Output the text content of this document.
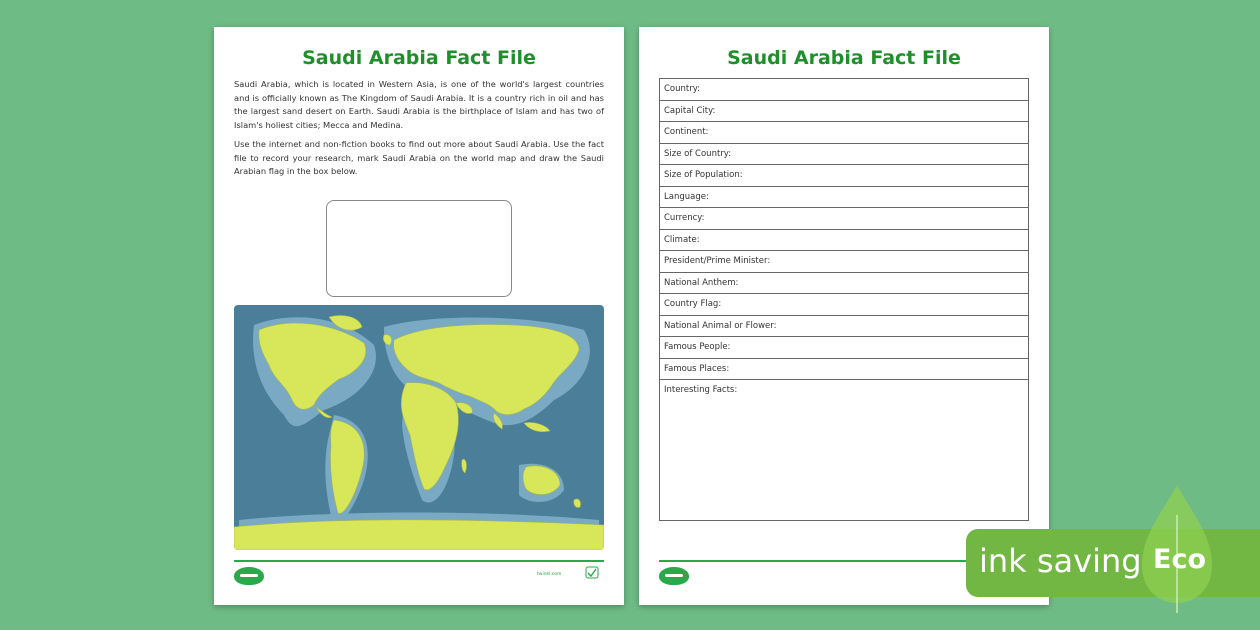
Saudi Arabia Fact File

Saudi Arabia, which is located in Western Asia, is one of the world's largest countries and is officially known as The Kingdom of Saudi Arabia. It is a country rich in oil and has the largest sand desert on Earth. Saudi Arabia is the birthplace of Islam and has two of Islam's holiest cities; Mecca and Medina.

Use the internet and non-fiction books to find out more about Saudi Arabia. Use the fact file to record your research, mark Saudi Arabia on the world map and draw the Saudi Arabian flag in the box below.

twinkl.com
Saudi Arabia Fact File
Country:
Capital City:
Continent:
Size of Country:
Size of Population:
Language:
Currency:
Climate:
President/Prime Minister:
National Anthem:
Country Flag:
National Animal or Flower:
Famous People:
Famous Places:
Interesting Facts:
ink saving Eco
